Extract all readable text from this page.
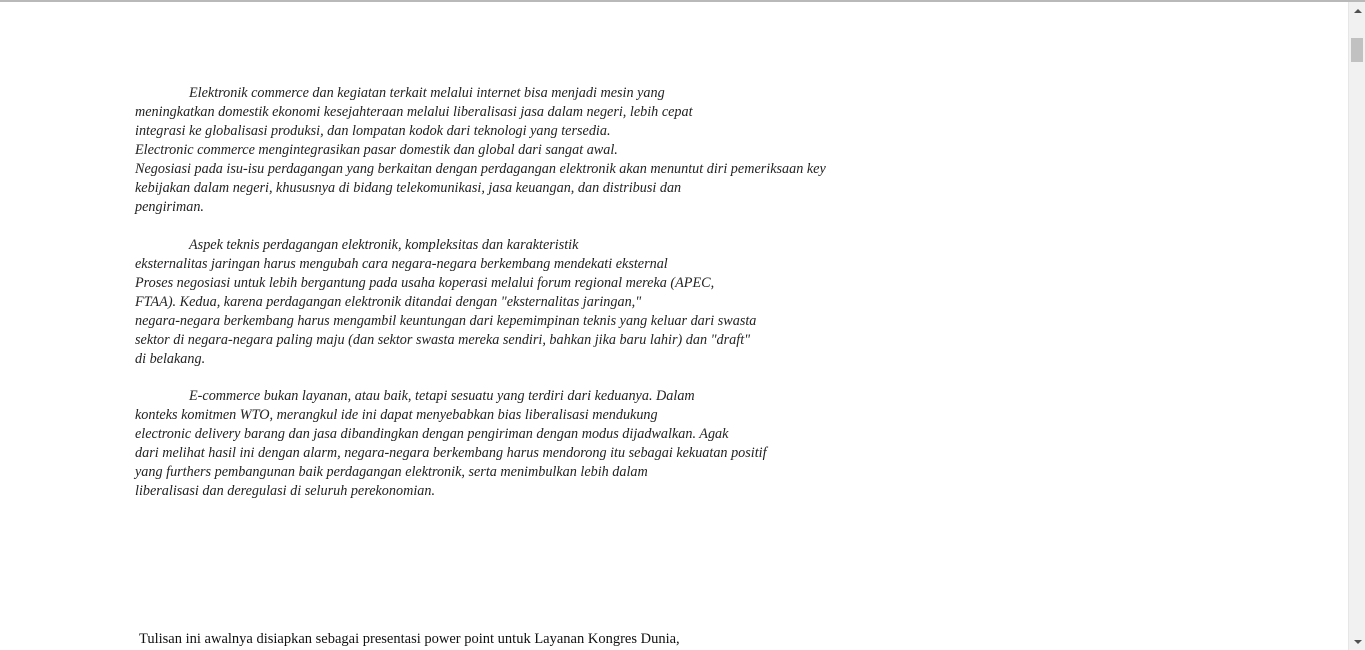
Elektronik commerce dan kegiatan terkait melalui internet bisa menjadi mesin yang
meningkatkan domestik ekonomi kesejahteraan melalui liberalisasi jasa dalam negeri, lebih cepat
integrasi ke globalisasi produksi, dan lompatan kodok dari teknologi yang tersedia.
Electronic commerce mengintegrasikan pasar domestik dan global dari sangat awal.
Negosiasi pada isu-isu perdagangan yang berkaitan dengan perdagangan elektronik akan menuntut diri pemeriksaan key
kebijakan dalam negeri, khususnya di bidang telekomunikasi, jasa keuangan, dan distribusi dan
pengiriman.
Aspek teknis perdagangan elektronik, kompleksitas dan karakteristik
eksternalitas jaringan harus mengubah cara negara-negara berkembang mendekati eksternal
Proses negosiasi untuk lebih bergantung pada usaha koperasi melalui forum regional mereka (APEC,
FTAA). Kedua, karena perdagangan elektronik ditandai dengan "eksternalitas jaringan,"
negara-negara berkembang harus mengambil keuntungan dari kepemimpinan teknis yang keluar dari swasta
sektor di negara-negara paling maju (dan sektor swasta mereka sendiri, bahkan jika baru lahir) dan "draft"
di belakang.
E-commerce bukan layanan, atau baik, tetapi sesuatu yang terdiri dari keduanya. Dalam
konteks komitmen WTO, merangkul ide ini dapat menyebabkan bias liberalisasi mendukung
electronic delivery barang dan jasa dibandingkan dengan pengiriman dengan modus dijadwalkan. Agak
dari melihat hasil ini dengan alarm, negara-negara berkembang harus mendorong itu sebagai kekuatan positif
yang furthers pembangunan baik perdagangan elektronik, serta menimbulkan lebih dalam
liberalisasi dan deregulasi di seluruh perekonomian.

Tulisan ini awalnya disiapkan sebagai presentasi power point untuk Layanan Kongres Dunia,
